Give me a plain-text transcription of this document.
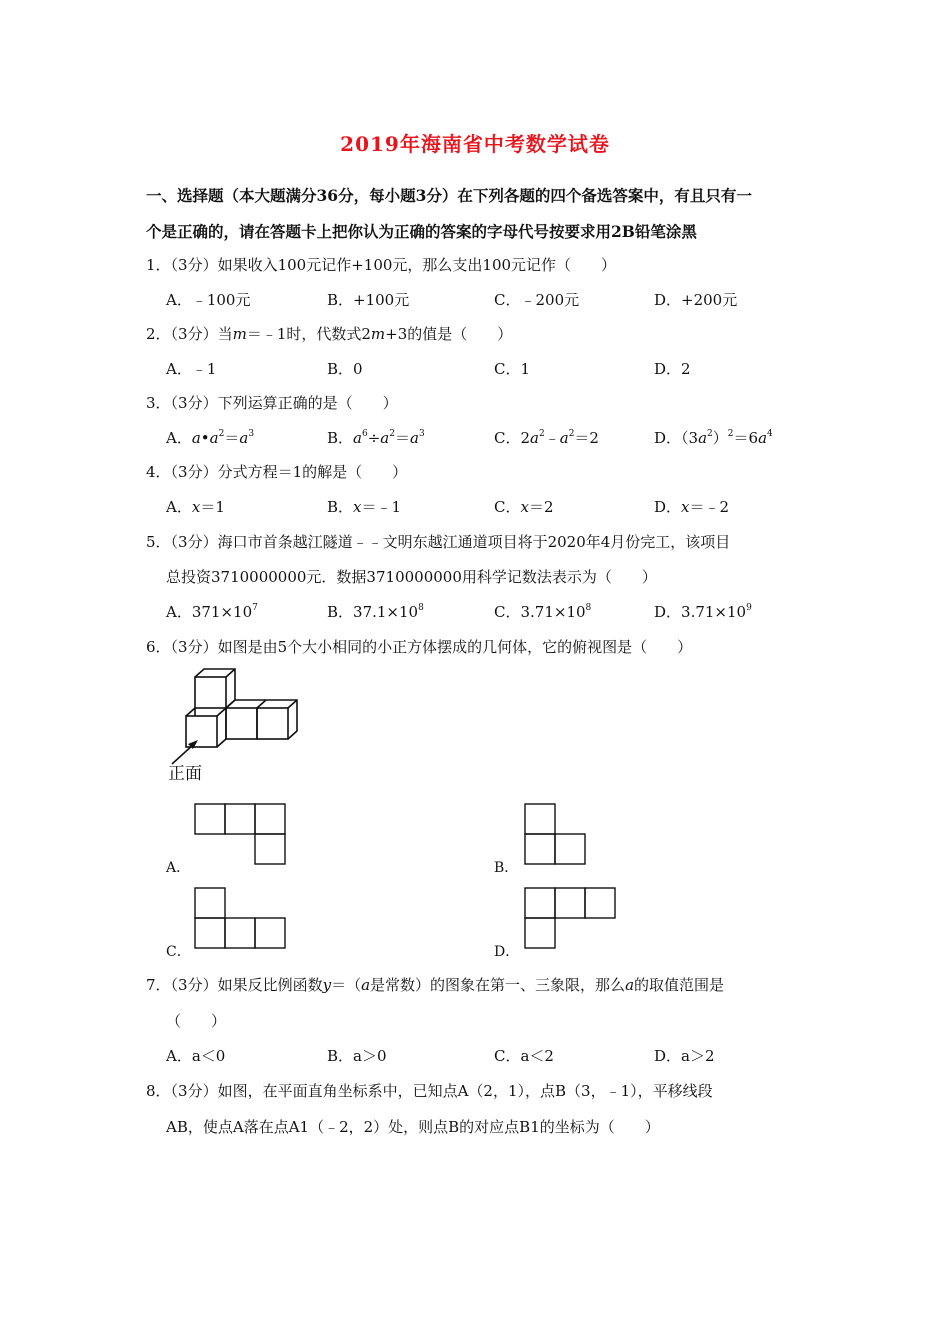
2019年海南省中考数学试卷
一、选择题（本大题满分36分，每小题3分）在下列各题的四个备选答案中，有且只有一
个是正确的，请在答题卡上把你认为正确的答案的字母代号按要求用2B铅笔涂黑
1．（3分）如果收入100元记作+100元，那么支出100元记作（　　）
A．﹣100元	B．+100元	C．﹣200元	D．+200元
2．（3分）当m＝﹣1时，代数式2m+3的值是（　　）
A．﹣1	B．0	C．1	D．2
3．（3分）下列运算正确的是（　　）
A．$a•a^2=a^3$	B．$a^6\div a^2=a^3$	C．$2a^2﹣a^2=2$	D．$(3a^2)^2=6a^4$
4．（3分）分式方程＝1的解是（　　）
A．x＝1	B．x＝﹣1	C．x＝2	D．x＝﹣2
5．（3分）海口市首条越江隧道﹣﹣文明东越江通道项目将于2020年4月份完工，该项目
总投资3710000000元．数据3710000000用科学记数法表示为（　　）
A．$371\times 10^7$	B．$37.1\times 10^8$	C．$3.71\times 10^8$	D．$3.71\times 10^9$
6．（3分）如图是由5个大小相同的小正方体摆成的几何体，它的俯视图是（　　）
正面
A．	B．
C．	D．
7．（3分）如果反比例函数y＝（a是常数）的图象在第一、三象限，那么a的取值范围是
（　　）
A．a＜0	B．a＞0	C．a＜2	D．a＞2
8．（3分）如图，在平面直角坐标系中，已知点A（2，1），点B（3，﹣1），平移线段
AB，使点A落在点A1（﹣2，2）处，则点B的对应点B1的坐标为（　　）
